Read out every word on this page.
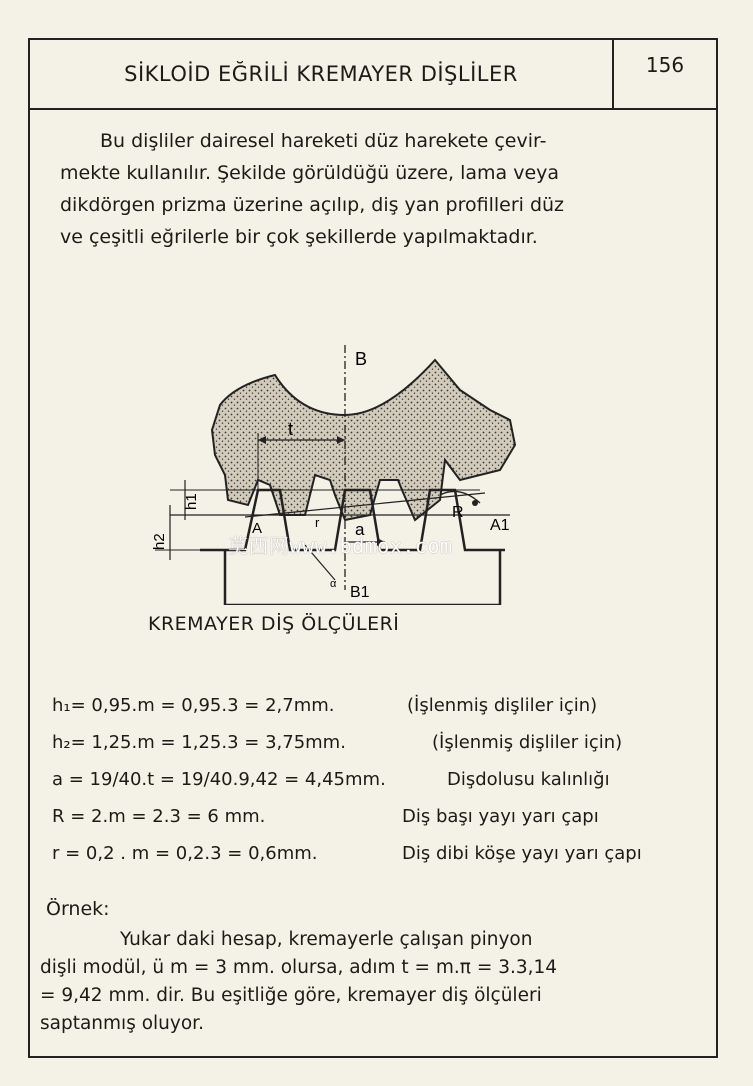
SİKLOİD EĞRİLİ KREMAYER DİŞLİLER	156

Bu dişliler dairesel hareketi düz harekete çevir-

mekte kullanılır. Şekilde görüldüğü üzere, lama veya

dikdörgen prizma üzerine açılıp, diş yan profilleri düz

ve çeşitli eğrilerle bir çok şekillerde yapılmaktadır.

B
t
h1
h2
A	a
R
A1
B1
α
r
莫西网www.bdmox.com
KREMAYER DİŞ ÖLÇÜLERİ
h₁= 0,95.m = 0,95.3 = 2,7mm.	(İşlenmiş dişliler için)
h₂= 1,25.m = 1,25.3 = 3,75mm.	(İşlenmiş dişliler için)
a = 19/40.t = 19/40.9,42 = 4,45mm.	Dişdolusu kalınlığı
R = 2.m = 2.3 = 6 mm.	Diş başı yayı yarı çapı
r = 0,2 . m = 0,2.3 = 0,6mm.	Diş dibi köşe yayı yarı çapı
Örnek:

Yukar daki hesap, kremayerle çalışan pinyon

dişli modül, ü m = 3 mm. olursa, adım t = m.π = 3.3,14

= 9,42 mm. dir. Bu eşitliğe göre, kremayer diş ölçüleri

saptanmış oluyor.
